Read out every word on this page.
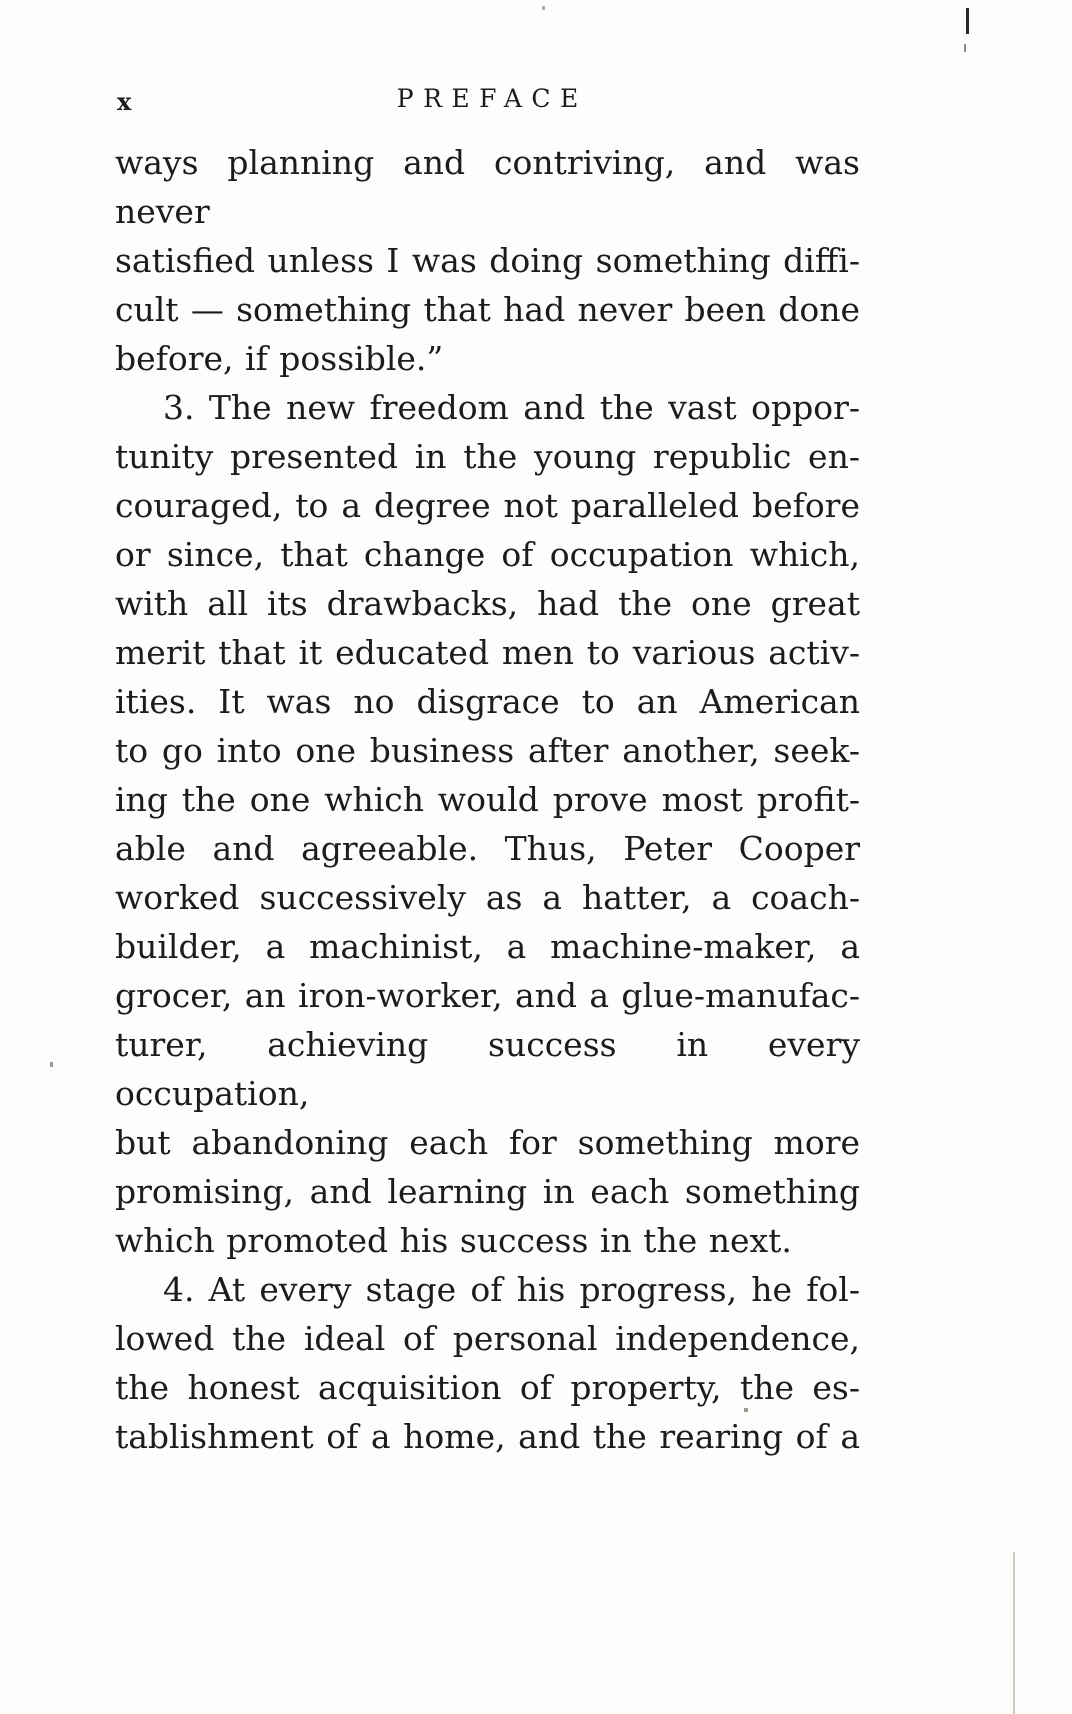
x	PREFACE
ways planning and contriving, and was never
satisfied unless I was doing something diffi-
cult — something that had never been done
before, if possible.”
3. The new freedom and the vast oppor-
tunity presented in the young republic en-
couraged, to a degree not paralleled before
or since, that change of occupation which,
with all its drawbacks, had the one great
merit that it educated men to various activ-
ities. It was no disgrace to an American
to go into one business after another, seek-
ing the one which would prove most profit-
able and agreeable. Thus, Peter Cooper
worked successively as a hatter, a coach-
builder, a machinist, a machine-maker, a
grocer, an iron-worker, and a glue-manufac-
turer, achieving success in every occupation,
but abandoning each for something more
promising, and learning in each something
which promoted his success in the next.
4. At every stage of his progress, he fol-
lowed the ideal of personal independence,
the honest acquisition of property, the es-
tablishment of a home, and the rearing of a
